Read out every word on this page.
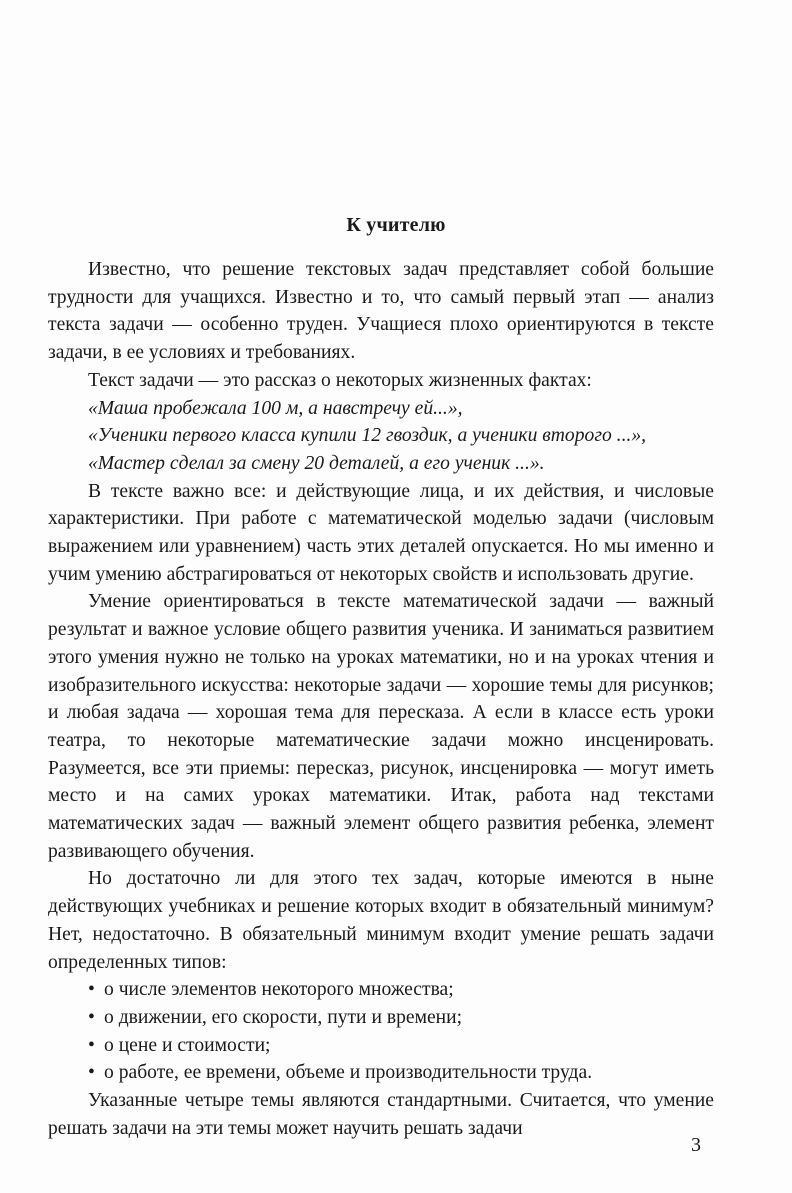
К учителю

Известно, что решение текстовых задач представляет собой большие трудности для учащихся. Известно и то, что самый первый этап — анализ текста задачи — особенно труден. Учащиеся плохо ориентируются в тексте задачи, в ее условиях и требованиях.

Текст задачи — это рассказ о некоторых жизненных фактах:

«Маша пробежала 100 м, а навстречу ей...»,

«Ученики первого класса купили 12 гвоздик, а ученики второго ...»,

«Мастер сделал за смену 20 деталей, а его ученик ...».

В тексте важно все: и действующие лица, и их действия, и числовые характеристики. При работе с математической моделью задачи (числовым выражением или уравнением) часть этих деталей опускается. Но мы именно и учим умению абстрагироваться от некоторых свойств и использовать другие.

Умение ориентироваться в тексте математической задачи — важный результат и важное условие общего развития ученика. И заниматься развитием этого умения нужно не только на уроках математики, но и на уроках чтения и изобразительного искусства: некоторые задачи — хорошие темы для рисунков; и любая задача — хорошая тема для пересказа. А если в классе есть уроки театра, то некоторые математические задачи можно инсценировать. Разумеется, все эти приемы: пересказ, рисунок, инсценировка — могут иметь место и на самих уроках математики. Итак, работа над текстами математических задач — важный элемент общего развития ребенка, элемент развивающего обучения.

Но достаточно ли для этого тех задач, которые имеются в ныне действующих учебниках и решение которых входит в обязательный минимум? Нет, недостаточно. В обязательный минимум входит умение решать задачи определенных типов:

• о числе элементов некоторого множества;
• о движении, его скорости, пути и времени;
• о цене и стоимости;
• о работе, ее времени, объеме и производительности труда.

Указанные четыре темы являются стандартными. Считается, что умение решать задачи на эти темы может научить решать задачи

3
